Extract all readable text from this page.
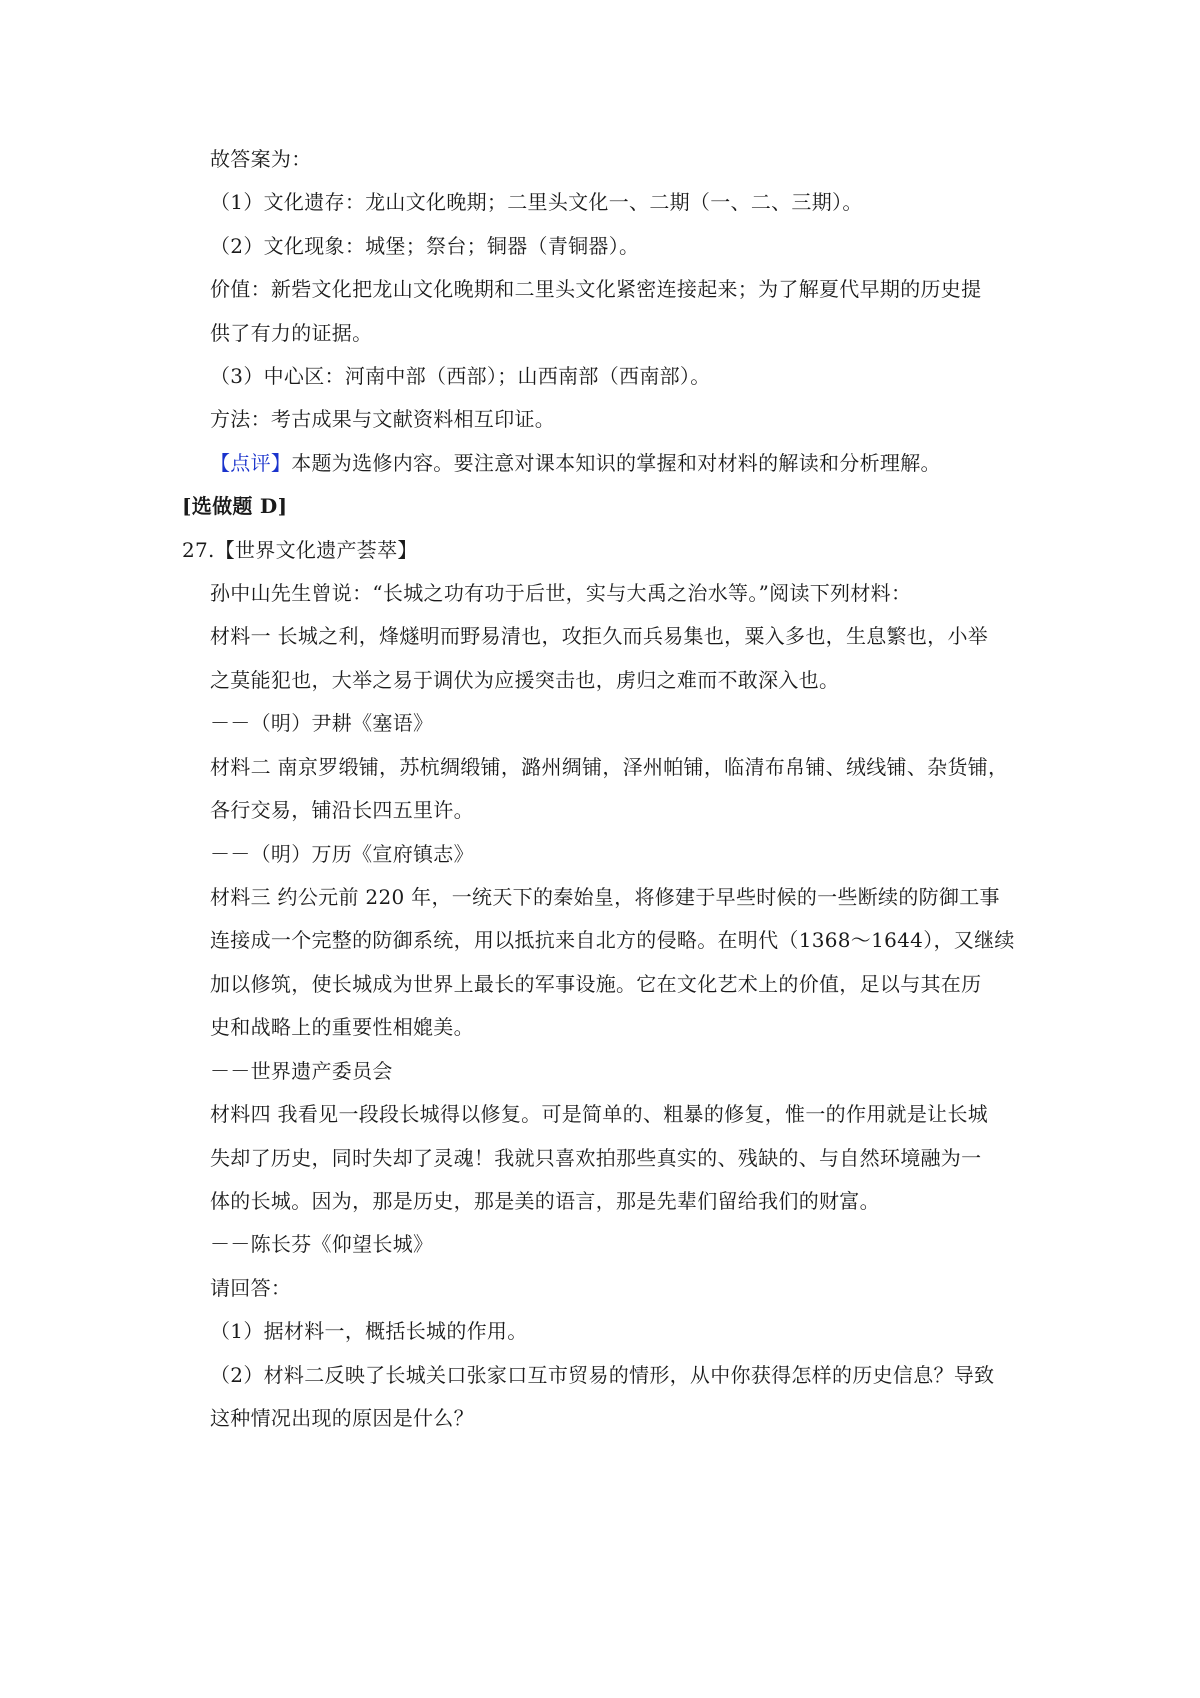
故答案为：
（1）文化遗存：龙山文化晚期；二里头文化一、二期（一、二、三期）。
（2）文化现象：城堡；祭台；铜器（青铜器）。
价值：新砦文化把龙山文化晚期和二里头文化紧密连接起来；为了解夏代早期的历史提
供了有力的证据。
（3）中心区：河南中部（西部）；山西南部（西南部）。
方法：考古成果与文献资料相互印证。
【点评】本题为选修内容。要注意对课本知识的掌握和对材料的解读和分析理解。
[选做题 D]
27.【世界文化遗产荟萃】
孙中山先生曾说：“长城之功有功于后世，实与大禹之治水等。”阅读下列材料：
材料一 长城之利，烽燧明而野易清也，攻拒久而兵易集也，粟入多也，生息繁也，小举
之莫能犯也，大举之易于调伏为应援突击也，虏归之难而不敢深入也。
－－（明）尹耕《塞语》
材料二 南京罗缎铺，苏杭绸缎铺，潞州绸铺，泽州帕铺，临清布帛铺、绒线铺、杂货铺，
各行交易，铺沿长四五里许。
－－（明）万历《宣府镇志》
材料三 约公元前 220 年，一统天下的秦始皇，将修建于早些时候的一些断续的防御工事
连接成一个完整的防御系统，用以抵抗来自北方的侵略。在明代（1368～1644），又继续
加以修筑，使长城成为世界上最长的军事设施。它在文化艺术上的价值，足以与其在历
史和战略上的重要性相媲美。
－－世界遗产委员会
材料四 我看见一段段长城得以修复。可是简单的、粗暴的修复，惟一的作用就是让长城
失却了历史，同时失却了灵魂！我就只喜欢拍那些真实的、残缺的、与自然环境融为一
体的长城。因为，那是历史，那是美的语言，那是先辈们留给我们的财富。
－－陈长芬《仰望长城》
请回答：
（1）据材料一，概括长城的作用。
（2）材料二反映了长城关口张家口互市贸易的情形，从中你获得怎样的历史信息？导致
这种情况出现的原因是什么？
